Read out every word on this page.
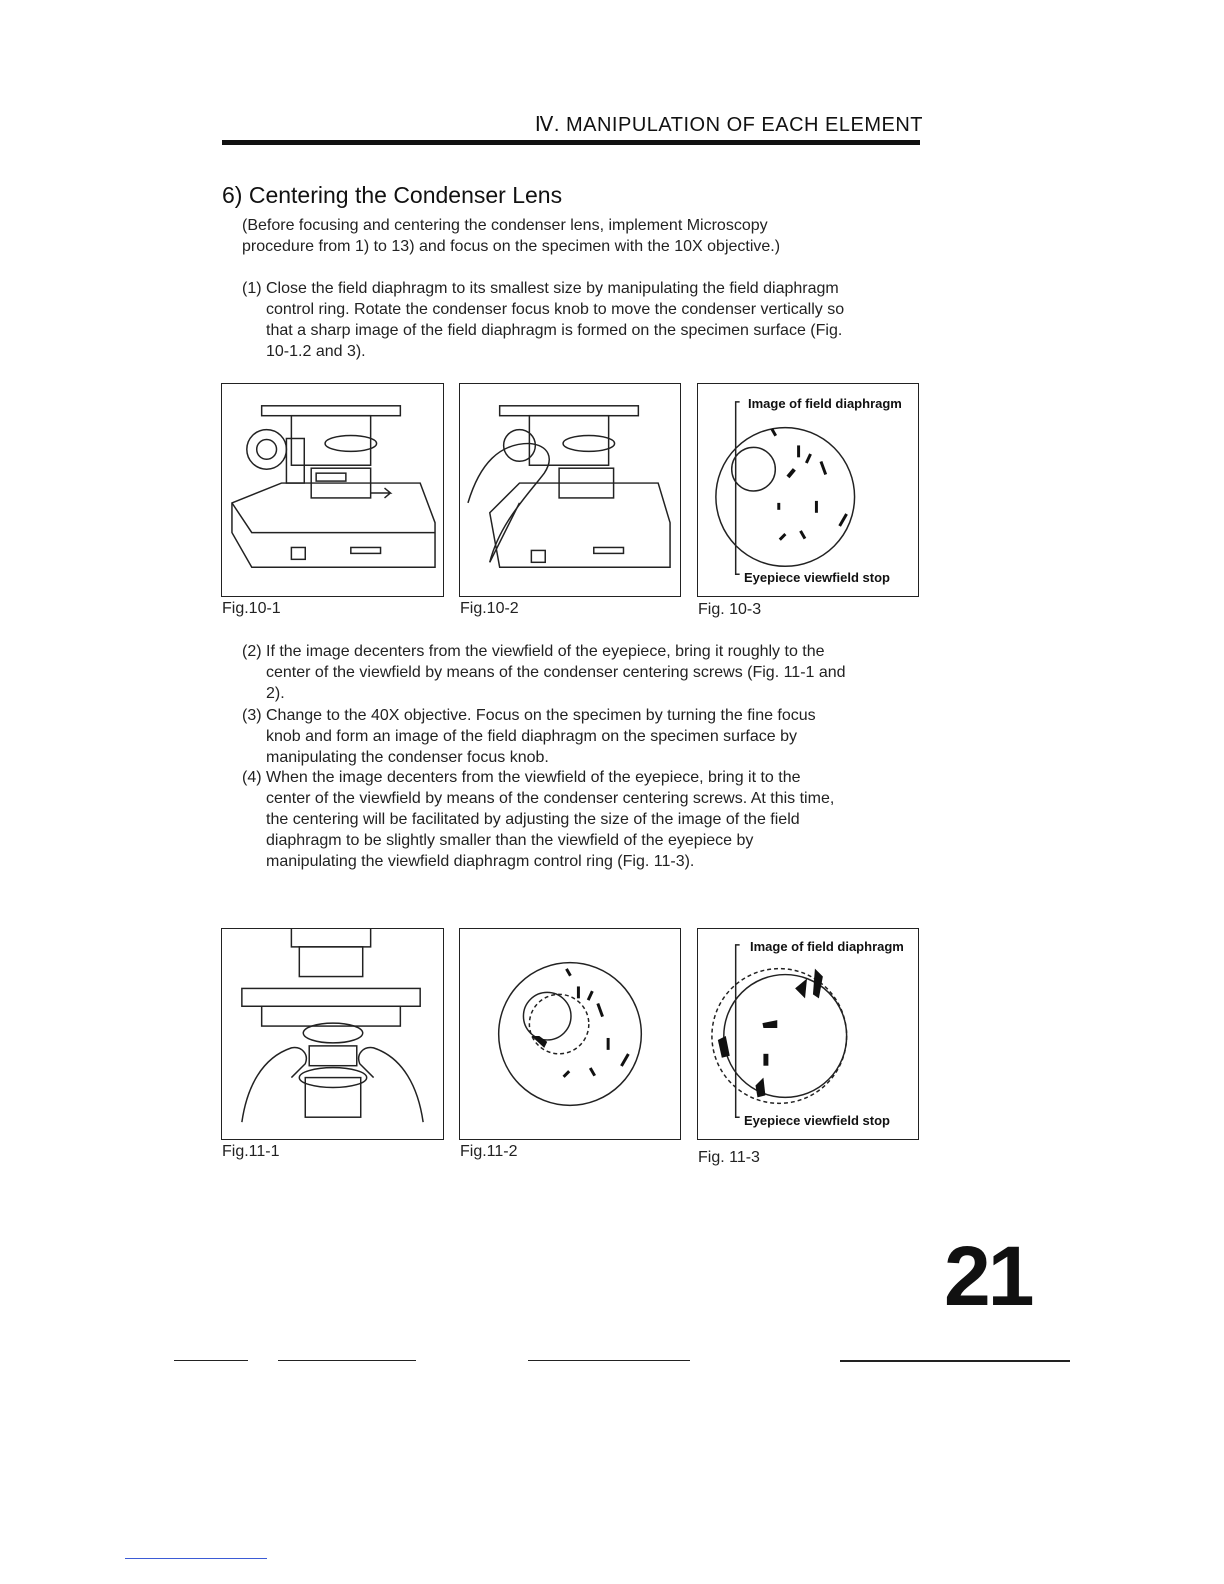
Ⅳ. MANIPULATION OF EACH ELEMENT
6) Centering the Condenser Lens

(Before focusing and centering the condenser lens, implement Microscopy procedure from 1) to 13) and focus on the specimen with the 10X objective.)

(1) Close the field diaphragm to its smallest size by manipulating the field diaphragm control ring. Rotate the condenser focus knob to move the condenser vertically so that a sharp image of the field diaphragm is formed on the specimen surface (Fig. 10-1.2 and 3).

Fig.10-1	Fig.10-2
Image of field diaphragm
Eyepiece viewfield stop
Fig. 10-3

(2) If the image decenters from the viewfield of the eyepiece, bring it roughly to the center of the viewfield by means of the condenser centering screws (Fig. 11-1 and 2).

(3) Change to the 40X objective. Focus on the specimen by turning the fine focus knob and form an image of the field diaphragm on the specimen surface by manipulating the condenser focus knob.

(4) When the image decenters from the viewfield of the eyepiece, bring it to the center of the viewfield by means of the condenser centering screws. At this time, the centering will be facilitated by adjusting the size of the image of the field diaphragm to be slightly smaller than the viewfield of the eyepiece by manipulating the viewfield diaphragm control ring (Fig. 11-3).

Fig.11-1	Fig.11-2
Image of field diaphragm
Eyepiece viewfield stop
Fig. 11-3
21
